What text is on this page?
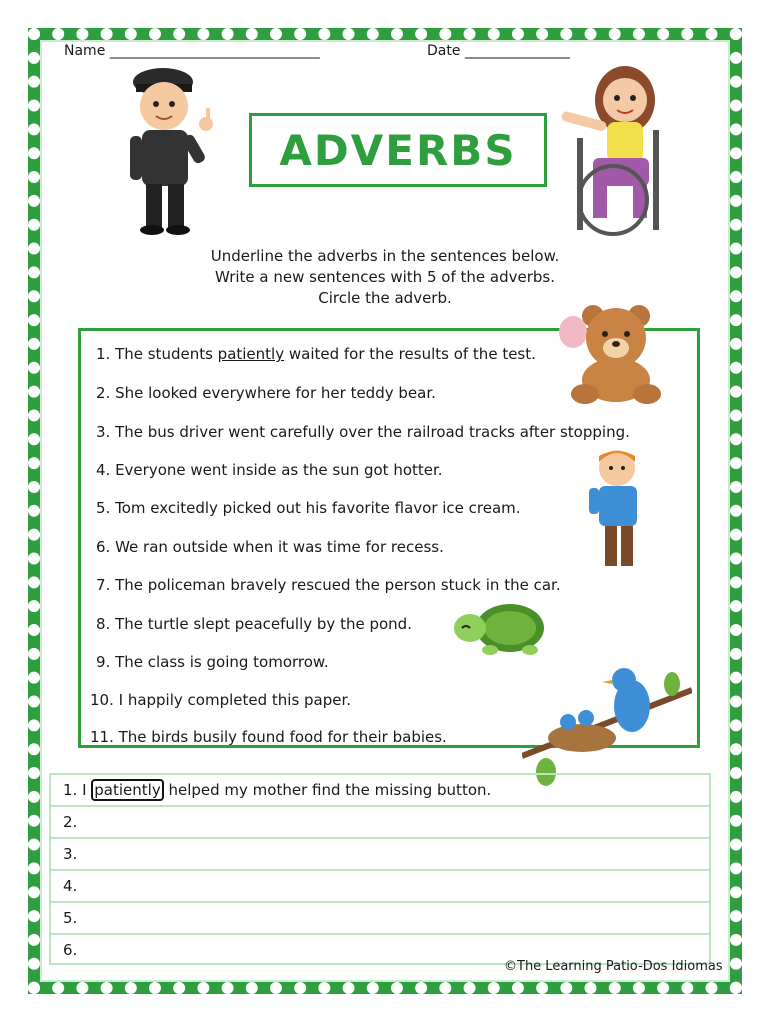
Name ______________________________	Date _______________
ADVERBS
Underline the adverbs in the sentences below.
Write a new sentences with 5 of the adverbs.
Circle the adverb.
1. The students patiently waited for the results of the test.
2. She looked everywhere for her teddy bear.
3. The bus driver went carefully over the railroad tracks after stopping.
4. Everyone went inside as the sun got hotter.
5. Tom excitedly picked out his favorite flavor ice cream.
6. We ran outside when it was time for recess.
7. The policeman bravely rescued the person stuck in the car.
8. The turtle slept peacefully by the pond.
9. The class is going tomorrow.
10. I happily completed this paper.
11. The birds busily found food for their babies.
1. I patiently helped my mother find the missing button.
2.
3.
4.
5.
6.
©The Learning Patio-Dos Idiomas
